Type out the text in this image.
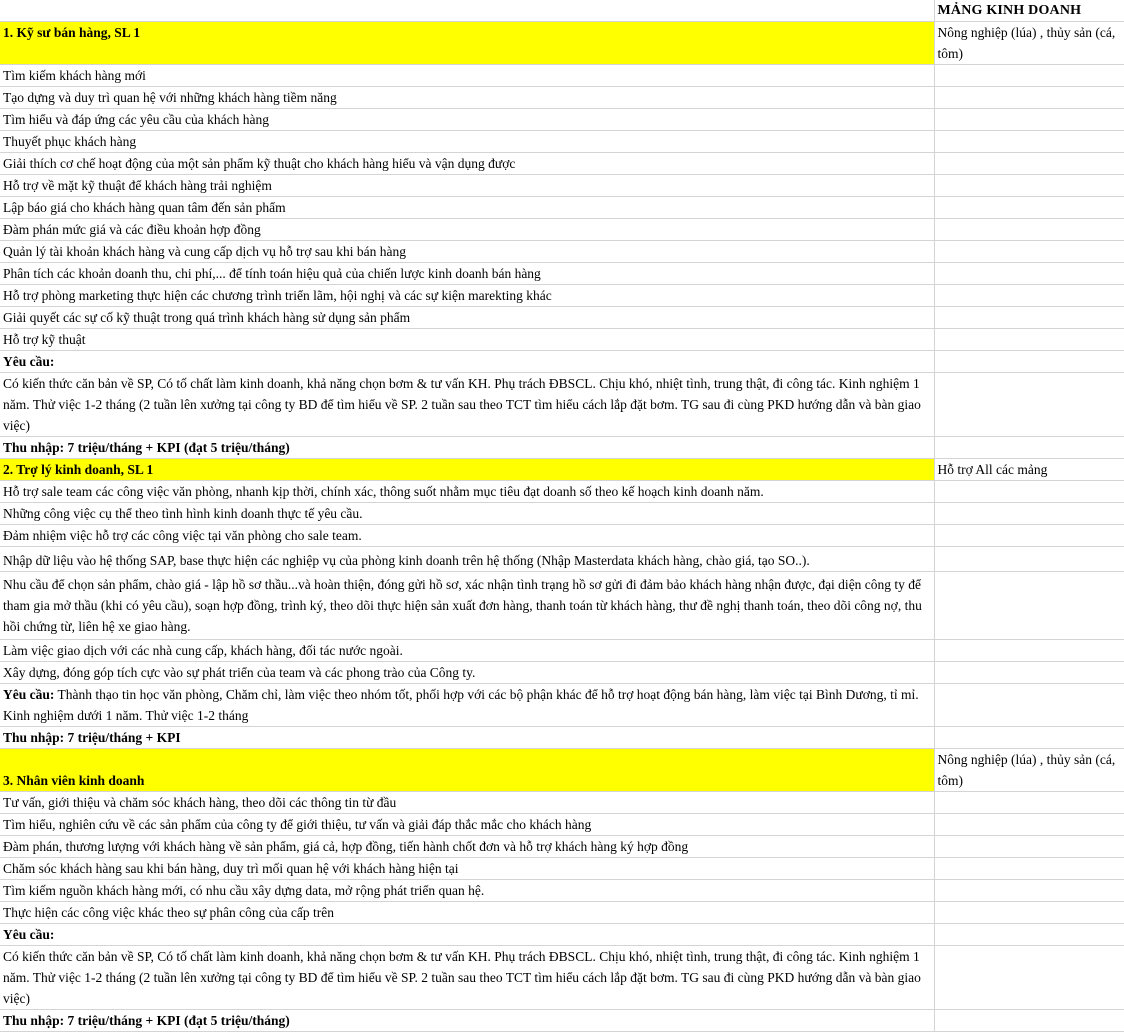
	MẢNG KINH DOANH
1. Kỹ sư bán hàng, SL 1	Nông nghiệp (lúa) , thủy sản (cá, tôm)
Tìm kiếm khách hàng mới	
Tạo dựng và duy trì quan hệ với những khách hàng tiềm năng	
Tìm hiểu và đáp ứng các yêu cầu của khách hàng	
Thuyết phục khách hàng	
Giải thích cơ chế hoạt động của một sản phẩm kỹ thuật cho khách hàng hiểu và vận dụng được	
Hỗ trợ về mặt kỹ thuật để khách hàng trải nghiệm	
Lập báo giá cho khách hàng quan tâm đến sản phẩm	
Đàm phán mức giá và các điều khoản hợp đồng	
Quản lý tài khoản khách hàng và cung cấp dịch vụ hỗ trợ sau khi bán hàng	
Phân tích các khoản doanh thu, chi phí,... để tính toán hiệu quả của chiến lược kinh doanh bán hàng	
Hỗ trợ phòng marketing thực hiện các chương trình triển lãm, hội nghị và các sự kiện marekting khác	
Giải quyết các sự cố kỹ thuật trong quá trình khách hàng sử dụng sản phẩm	
Hỗ trợ kỹ thuật	
Yêu cầu:	
Có kiến thức căn bản về SP, Có tố chất làm kinh doanh, khả năng chọn bơm & tư vấn KH. Phụ trách ĐBSCL. Chịu khó, nhiệt tình, trung thật, đi công tác. Kinh nghiệm 1 năm. Thử việc 1-2 tháng (2 tuần lên xưởng tại công ty BD để tìm hiểu về SP. 2 tuần sau theo TCT tìm hiểu cách lắp đặt bơm. TG sau đi cùng PKD hướng dẫn và bàn giao việc)	
Thu nhập: 7 triệu/tháng + KPI (đạt 5 triệu/tháng)	
2. Trợ lý kinh doanh, SL 1	Hỗ trợ All các mảng
Hỗ trợ sale team các công việc văn phòng, nhanh kịp thời, chính xác, thông suốt nhằm mục tiêu đạt doanh số theo kế hoạch kinh doanh năm.	
Những công việc cụ thể theo tình hình kinh doanh thực tế yêu cầu.	
Đảm nhiệm việc hỗ trợ các công việc tại văn phòng cho sale team.	
Nhập dữ liệu vào hệ thống SAP, base thực hiện các nghiệp vụ của phòng kinh doanh trên hệ thống (Nhập Masterdata khách hàng, chào giá, tạo SO..).	
Nhu cầu để chọn sản phẩm, chào giá - lập hồ sơ thầu...và hoàn thiện, đóng gửi hồ sơ, xác nhận tình trạng hồ sơ gửi đi đảm bảo khách hàng nhận được, đại diện công ty để tham gia mở thầu (khi có yêu cầu), soạn hợp đồng, trình ký, theo dõi thực hiện sản xuất đơn hàng, thanh toán từ khách hàng, thư đề nghị thanh toán, theo dõi công nợ, thu hồi chứng từ, liên hệ xe giao hàng.	
Làm việc giao dịch với các nhà cung cấp, khách hàng, đối tác nước ngoài.	
Xây dựng, đóng góp tích cực vào sự phát triển của team và các phong trào của Công ty.	
Yêu cầu: Thành thạo tin học văn phòng, Chăm chỉ, làm việc theo nhóm tốt, phối hợp với các bộ phận khác để hỗ trợ hoạt động bán hàng, làm việc tại Bình Dương, tỉ mỉ. Kinh nghiệm dưới 1 năm. Thử việc 1-2 tháng	
Thu nhập: 7 triệu/tháng + KPI	
3. Nhân viên kinh doanh	Nông nghiệp (lúa) , thủy sản (cá, tôm)
Tư vấn, giới thiệu và chăm sóc khách hàng, theo dõi các thông tin từ đầu	
Tìm hiểu, nghiên cứu về các sản phẩm của công ty để giới thiệu, tư vấn và giải đáp thắc mắc cho khách hàng	
Đàm phán, thương lượng với khách hàng về sản phẩm, giá cả, hợp đồng, tiến hành chốt đơn và hỗ trợ khách hàng ký hợp đồng	
Chăm sóc khách hàng sau khi bán hàng, duy trì mối quan hệ với khách hàng hiện tại	
Tìm kiếm nguồn khách hàng mới, có nhu cầu xây dựng data, mở rộng phát triển quan hệ.	
Thực hiện các công việc khác theo sự phân công của cấp trên	
Yêu cầu:	
Có kiến thức căn bản về SP, Có tố chất làm kinh doanh, khả năng chọn bơm & tư vấn KH. Phụ trách ĐBSCL. Chịu khó, nhiệt tình, trung thật, đi công tác. Kinh nghiệm 1 năm. Thử việc 1-2 tháng (2 tuần lên xưởng tại công ty BD để tìm hiểu về SP. 2 tuần sau theo TCT tìm hiểu cách lắp đặt bơm. TG sau đi cùng PKD hướng dẫn và bàn giao việc)	
Thu nhập: 7 triệu/tháng + KPI (đạt 5 triệu/tháng)	
